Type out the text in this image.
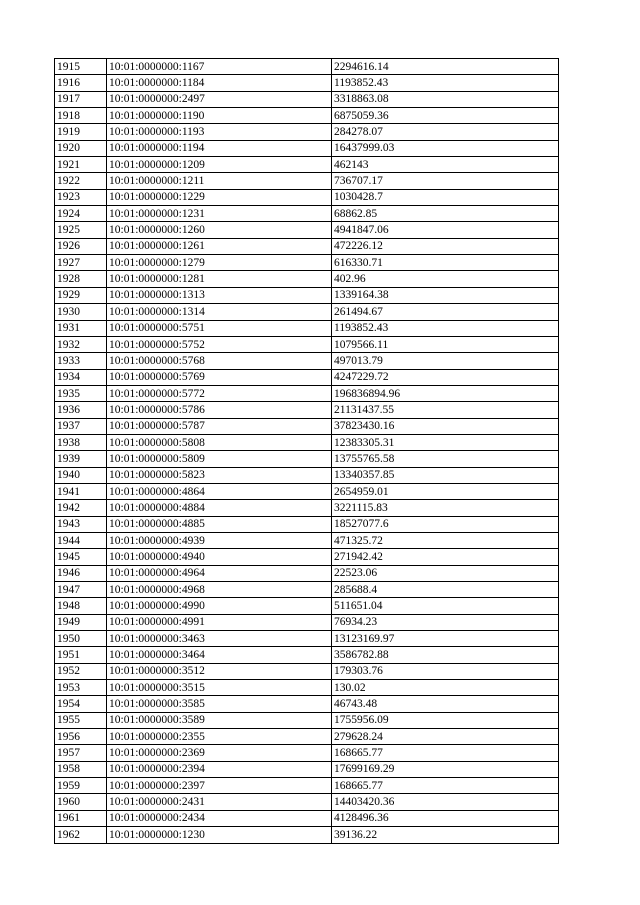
1915	10:01:0000000:1167	2294616.14
1916	10:01:0000000:1184	1193852.43
1917	10:01:0000000:2497	3318863.08
1918	10:01:0000000:1190	6875059.36
1919	10:01:0000000:1193	284278.07
1920	10:01:0000000:1194	16437999.03
1921	10:01:0000000:1209	462143
1922	10:01:0000000:1211	736707.17
1923	10:01:0000000:1229	1030428.7
1924	10:01:0000000:1231	68862.85
1925	10:01:0000000:1260	4941847.06
1926	10:01:0000000:1261	472226.12
1927	10:01:0000000:1279	616330.71
1928	10:01:0000000:1281	402.96
1929	10:01:0000000:1313	1339164.38
1930	10:01:0000000:1314	261494.67
1931	10:01:0000000:5751	1193852.43
1932	10:01:0000000:5752	1079566.11
1933	10:01:0000000:5768	497013.79
1934	10:01:0000000:5769	4247229.72
1935	10:01:0000000:5772	196836894.96
1936	10:01:0000000:5786	21131437.55
1937	10:01:0000000:5787	37823430.16
1938	10:01:0000000:5808	12383305.31
1939	10:01:0000000:5809	13755765.58
1940	10:01:0000000:5823	13340357.85
1941	10:01:0000000:4864	2654959.01
1942	10:01:0000000:4884	3221115.83
1943	10:01:0000000:4885	18527077.6
1944	10:01:0000000:4939	471325.72
1945	10:01:0000000:4940	271942.42
1946	10:01:0000000:4964	22523.06
1947	10:01:0000000:4968	285688.4
1948	10:01:0000000:4990	511651.04
1949	10:01:0000000:4991	76934.23
1950	10:01:0000000:3463	13123169.97
1951	10:01:0000000:3464	3586782.88
1952	10:01:0000000:3512	179303.76
1953	10:01:0000000:3515	130.02
1954	10:01:0000000:3585	46743.48
1955	10:01:0000000:3589	1755956.09
1956	10:01:0000000:2355	279628.24
1957	10:01:0000000:2369	168665.77
1958	10:01:0000000:2394	17699169.29
1959	10:01:0000000:2397	168665.77
1960	10:01:0000000:2431	14403420.36
1961	10:01:0000000:2434	4128496.36
1962	10:01:0000000:1230	39136.22
